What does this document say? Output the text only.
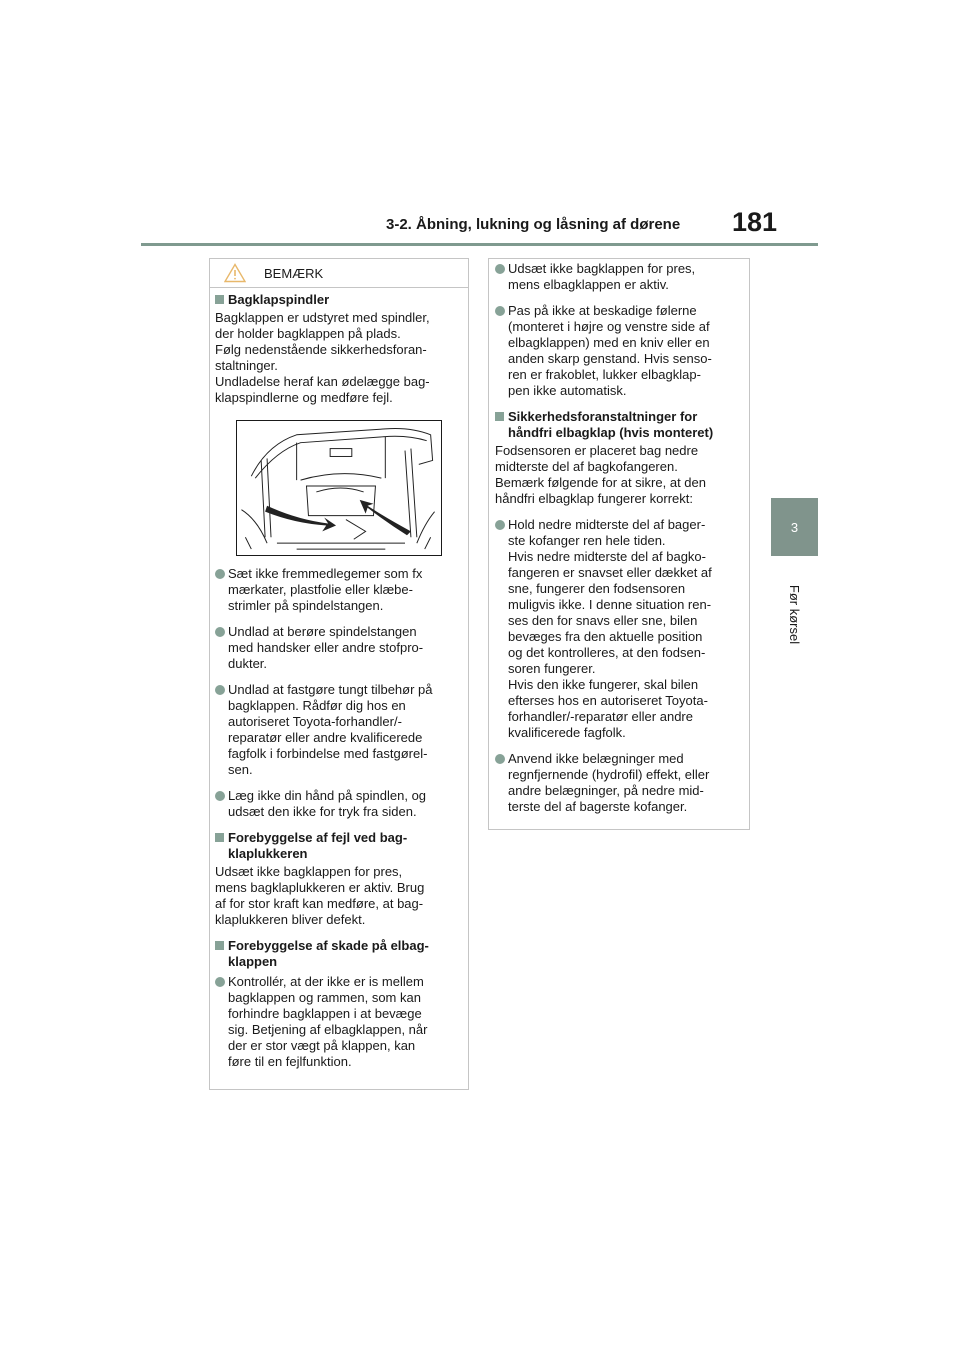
3-2. Åbning, lukning og låsning af dørene 181
3
Før kørsel
BEMÆRK
Bagklapspindler
Bagklappen er udstyret med spindler,
der holder bagklappen på plads.
Følg nedenstående sikkerhedsforan-
staltninger.
Undladelse heraf kan ødelægge bag-
klapspindlerne og medføre fejl.
Sæt ikke fremmedlegemer som fx
mærkater, plastfolie eller klæbe-
strimler på spindelstangen.
Undlad at berøre spindelstangen
med handsker eller andre stofpro-
dukter.
Undlad at fastgøre tungt tilbehør på
bagklappen. Rådfør dig hos en
autoriseret Toyota-forhandler/-
reparatør eller andre kvalificerede
fagfolk i forbindelse med fastgørel-
sen.
Læg ikke din hånd på spindlen, og
udsæt den ikke for tryk fra siden.
Forebyggelse af fejl ved bag-
klaplukkeren
Udsæt ikke bagklappen for pres,
mens bagklaplukkeren er aktiv. Brug
af for stor kraft kan medføre, at bag-
klaplukkeren bliver defekt.
Forebyggelse af skade på elbag-
klappen
Kontrollér, at der ikke er is mellem
bagklappen og rammen, som kan
forhindre bagklappen i at bevæge
sig. Betjening af elbagklappen, når
der er stor vægt på klappen, kan
føre til en fejlfunktion.
Udsæt ikke bagklappen for pres,
mens elbagklappen er aktiv.
Pas på ikke at beskadige følerne
(monteret i højre og venstre side af
elbagklappen) med en kniv eller en
anden skarp genstand. Hvis senso-
ren er frakoblet, lukker elbagklap-
pen ikke automatisk.
Sikkerhedsforanstaltninger for
håndfri elbagklap (hvis monteret)
Fodsensoren er placeret bag nedre
midterste del af bagkofangeren.
Bemærk følgende for at sikre, at den
håndfri elbagklap fungerer korrekt:
Hold nedre midterste del af bager-
ste kofanger ren hele tiden.
Hvis nedre midterste del af bagko-
fangeren er snavset eller dækket af
sne, fungerer den fodsensoren
muligvis ikke. I denne situation ren-
ses den for snavs eller sne, bilen
bevæges fra den aktuelle position
og det kontrolleres, at den fodsen-
soren fungerer.
Hvis den ikke fungerer, skal bilen
efterses hos en autoriseret Toyota-
forhandler/-reparatør eller andre
kvalificerede fagfolk.
Anvend ikke belægninger med
regnfjernende (hydrofil) effekt, eller
andre belægninger, på nedre mid-
terste del af bagerste kofanger.
